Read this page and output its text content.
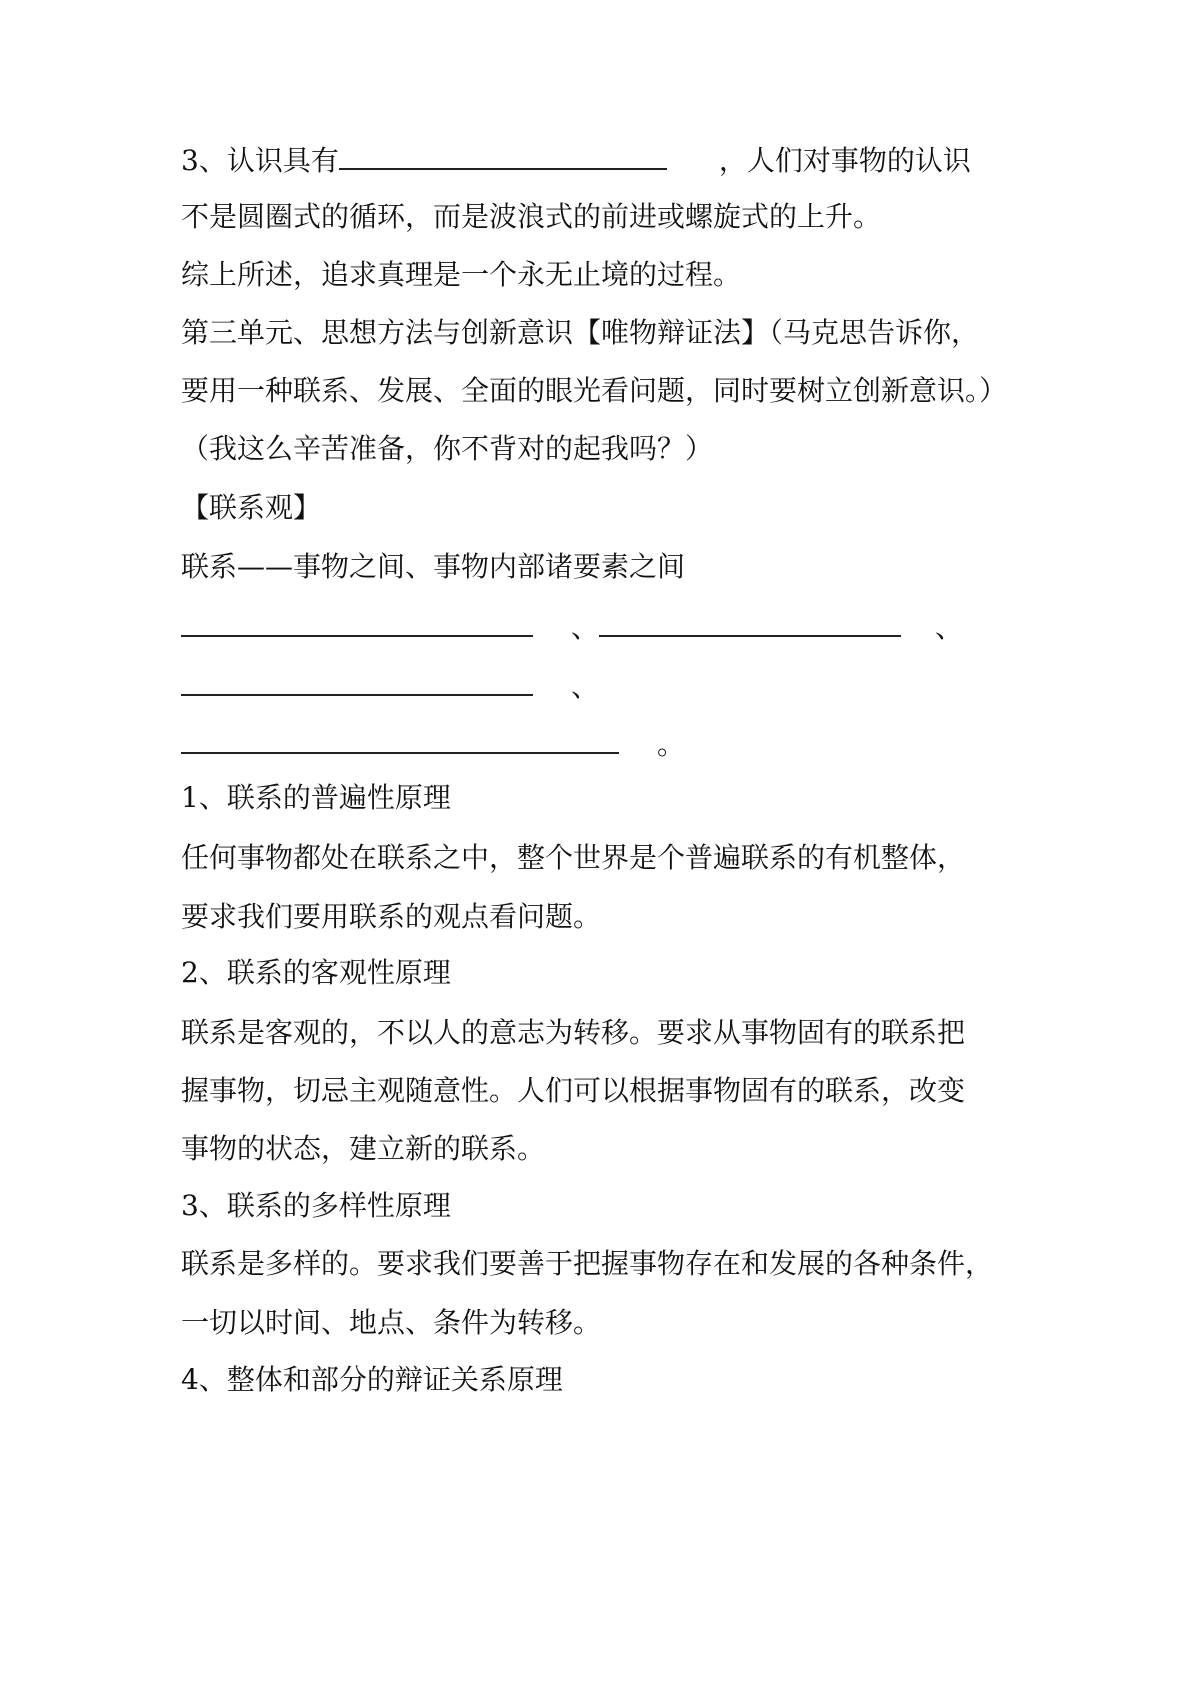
3、认识具有	，人们对事物的认识

不是圆圈式的循环，而是波浪式的前进或螺旋式的上升。

综上所述，追求真理是一个永无止境的过程。

第三单元、思想方法与创新意识【唯物辩证法】（马克思告诉你，

要用一种联系、发展、全面的眼光看问题，同时要树立创新意识。）

（我这么辛苦准备，你不背对的起我吗？）

【联系观】

联系——事物之间、事物内部诸要素之间

、	、

、

。

1、联系的普遍性原理

任何事物都处在联系之中，整个世界是个普遍联系的有机整体，

要求我们要用联系的观点看问题。

2、联系的客观性原理

联系是客观的，不以人的意志为转移。要求从事物固有的联系把

握事物，切忌主观随意性。人们可以根据事物固有的联系，改变

事物的状态，建立新的联系。

3、联系的多样性原理

联系是多样的。要求我们要善于把握事物存在和发展的各种条件，

一切以时间、地点、条件为转移。

4、整体和部分的辩证关系原理
